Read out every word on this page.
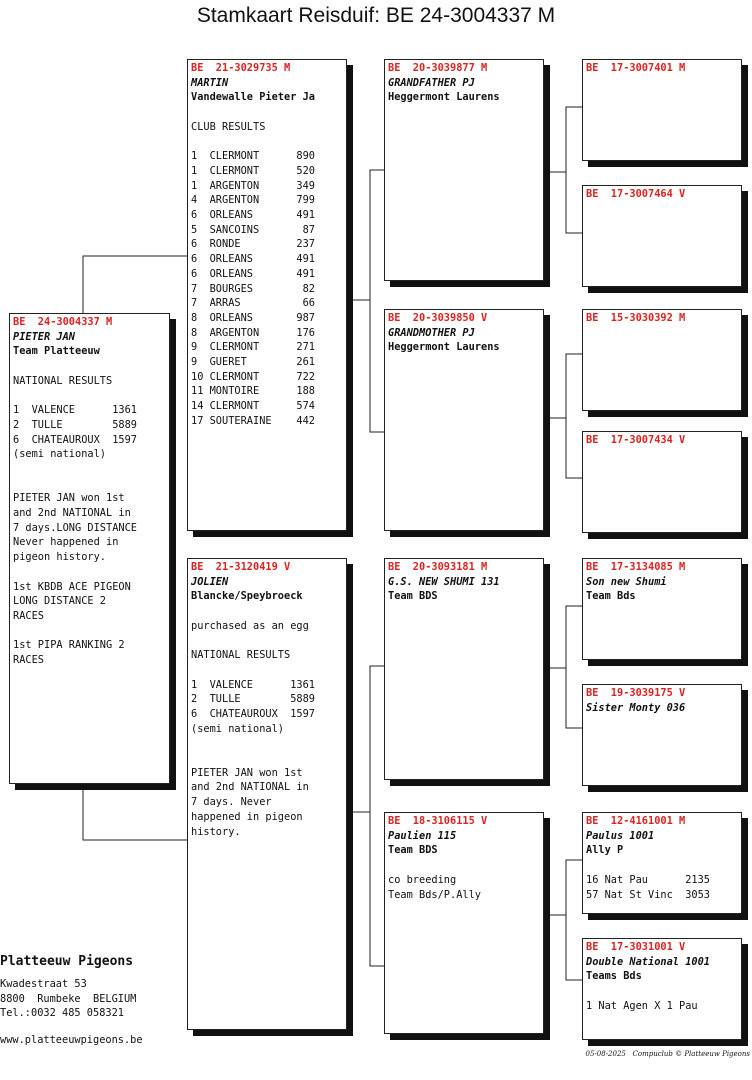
Stamkaart Reisduif: BE 24-3004337 M
BE  24-3004337 M
PIETER JAN
Team Platteeuw
NATIONAL RESULTS
1  VALENCE      1361
2  TULLE        5889
6  CHATEAUROUX  1597
(semi national)
PIETER JAN won 1st
and 2nd NATIONAL in
7 days.LONG DISTANCE
Never happened in
pigeon history.
1st KBDB ACE PIGEON
LONG DISTANCE 2
RACES
1st PIPA RANKING 2
RACES
BE  21-3029735 M
MARTIN
Vandewalle Pieter Ja
CLUB RESULTS
1  CLERMONT      890
1  CLERMONT      520
1  ARGENTON      349
4  ARGENTON      799
6  ORLEANS       491
5  SANCOINS       87
6  RONDE         237
6  ORLEANS       491
6  ORLEANS       491
7  BOURGES        82
7  ARRAS          66
8  ORLEANS       987
8  ARGENTON      176
9  CLERMONT      271
9  GUERET        261
10 CLERMONT      722
11 MONTOIRE      188
14 CLERMONT      574
17 SOUTERAINE    442
BE  21-3120419 V
JOLIEN
Blancke/Speybroeck
purchased as an egg
NATIONAL RESULTS
1  VALENCE      1361
2  TULLE        5889
6  CHATEAUROUX  1597
(semi national)
PIETER JAN won 1st
and 2nd NATIONAL in
7 days. Never
happened in pigeon
history.
BE  20-3039877 M
GRANDFATHER PJ
Heggermont Laurens
BE  20-3039850 V
GRANDMOTHER PJ
Heggermont Laurens
BE  20-3093181 M
G.S. NEW SHUMI 131
Team BDS
BE  18-3106115 V
Paulien 115
Team BDS
co breeding
Team Bds/P.Ally
BE  17-3007401 M
BE  17-3007464 V
BE  15-3030392 M
BE  17-3007434 V
BE  17-3134085 M
Son new Shumi
Team Bds
BE  19-3039175 V
Sister Monty 036
BE  12-4161001 M
Paulus 1001
Ally P
16 Nat Pau      2135
57 Nat St Vinc  3053
BE  17-3031001 V
Double National 1001
Teams Bds
1 Nat Agen X 1 Pau
Platteeuw Pigeons
Kwadestraat 53
8800  Rumbeke  BELGIUM
Tel.:0032 485 058321
www.platteeuwpigeons.be
05-08-2025   Compuclub © Platteeuw Pigeons
